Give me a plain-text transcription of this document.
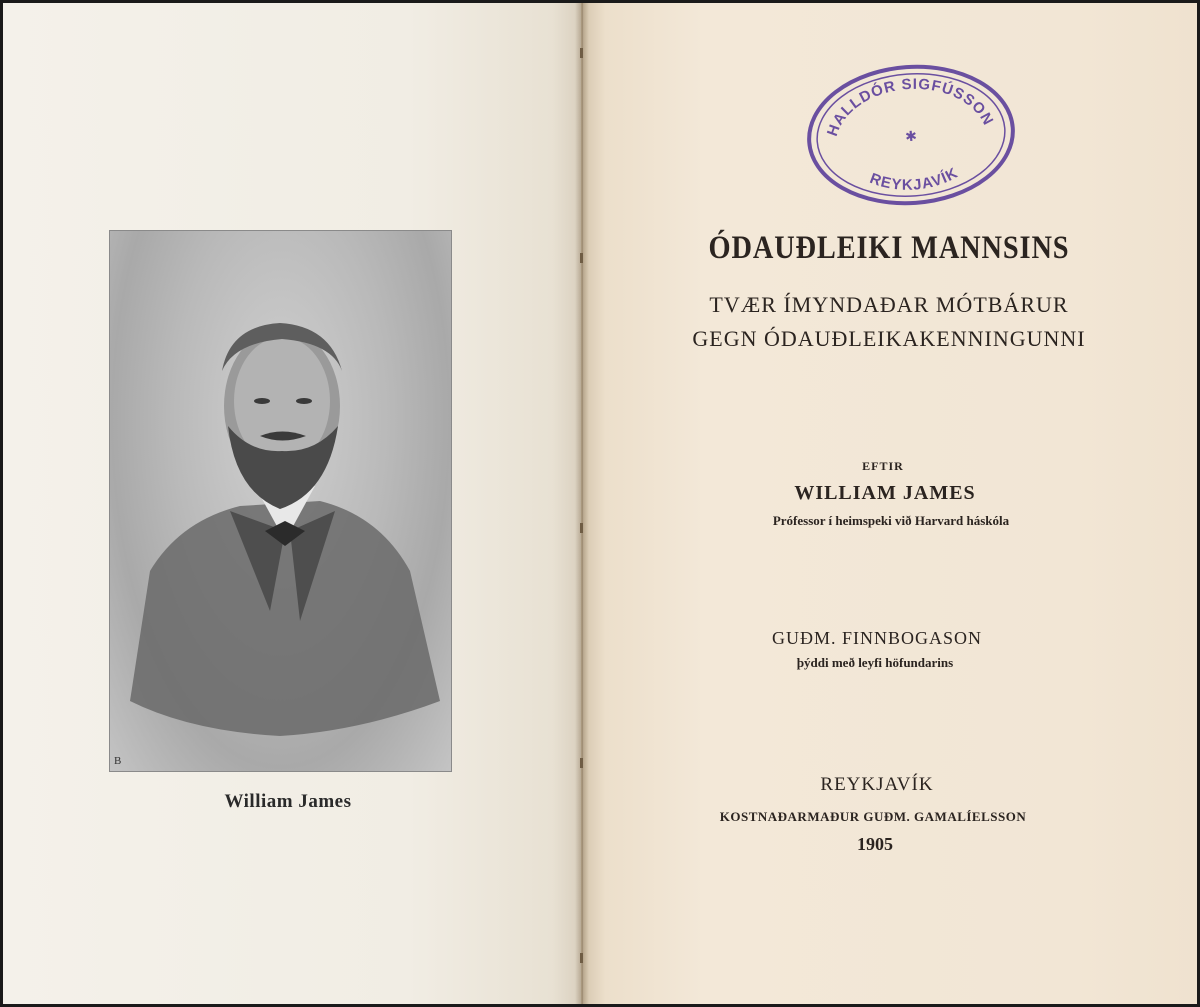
B
William James
ÓDAUÐLEIKI MANNSINS
TVÆR ÍMYNDAÐAR MÓTBÁRUR
GEGN ÓDAUÐLEIKAKENNINGUNNI
EFTIR
WILLIAM JAMES
Prófessor í heimspeki við Harvard háskóla
GUÐM. FINNBOGASON
þýddi með leyfi höfundarins
REYKJAVÍK
KOSTNAÐARMAÐUR GUÐM. GAMALÍELSSON
1905
HALLDÓR SIGFÚSSON
✱
REYKJAVÍK
